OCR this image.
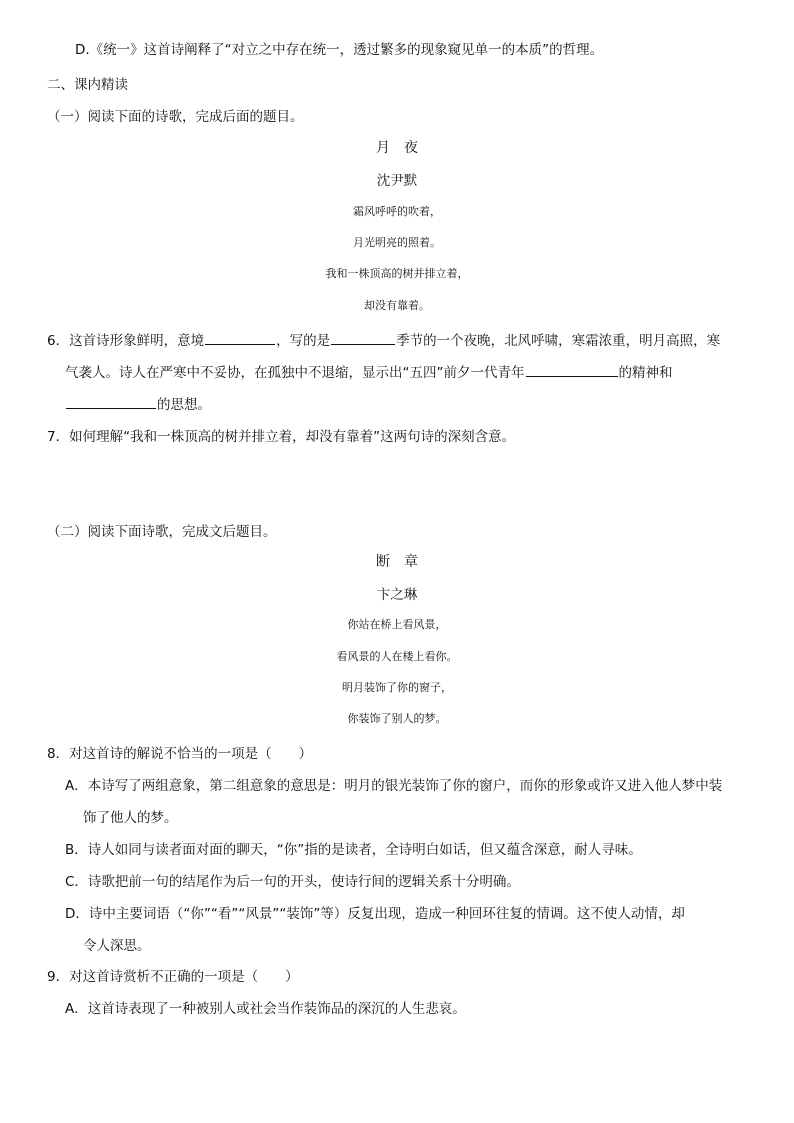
D.《统一》这首诗阐释了“对立之中存在统一，透过繁多的现象窥见单一的本质”的哲理。
二、课内精读
（一）阅读下面的诗歌，完成后面的题目。
月　夜
沈尹默
霜风呼呼的吹着，
月光明亮的照着。
我和一株顶高的树并排立着，
却没有靠着。
6．这首诗形象鲜明，意境	，写的是	季节的一个夜晚，北风呼啸，寒霜浓重，明月高照，寒
气袭人。诗人在严寒中不妥协，在孤独中不退缩，显示出“五四”前夕一代青年	的精神和
的思想。
7．如何理解“我和一株顶高的树并排立着，却没有靠着”这两句诗的深刻含意。
（二）阅读下面诗歌，完成文后题目。
断　章
卞之琳
你站在桥上看风景，
看风景的人在楼上看你。
明月装饰了你的窗子，
你装饰了别人的梦。
8．对这首诗的解说不恰当的一项是（　　）
A．本诗写了两组意象，第二组意象的意思是：明月的银光装饰了你的窗户，而你的形象或许又进入他人梦中装
饰了他人的梦。
B．诗人如同与读者面对面的聊天，“你”指的是读者，全诗明白如话，但又蕴含深意，耐人寻味。
C．诗歌把前一句的结尾作为后一句的开头，使诗行间的逻辑关系十分明确。
D．诗中主要词语（“你”“看”“风景”“装饰”等）反复出现，造成一种回环往复的情调。这不使人动情，却
令人深思。
9．对这首诗赏析不正确的一项是（　　）
A．这首诗表现了一种被别人或社会当作装饰品的深沉的人生悲哀。
